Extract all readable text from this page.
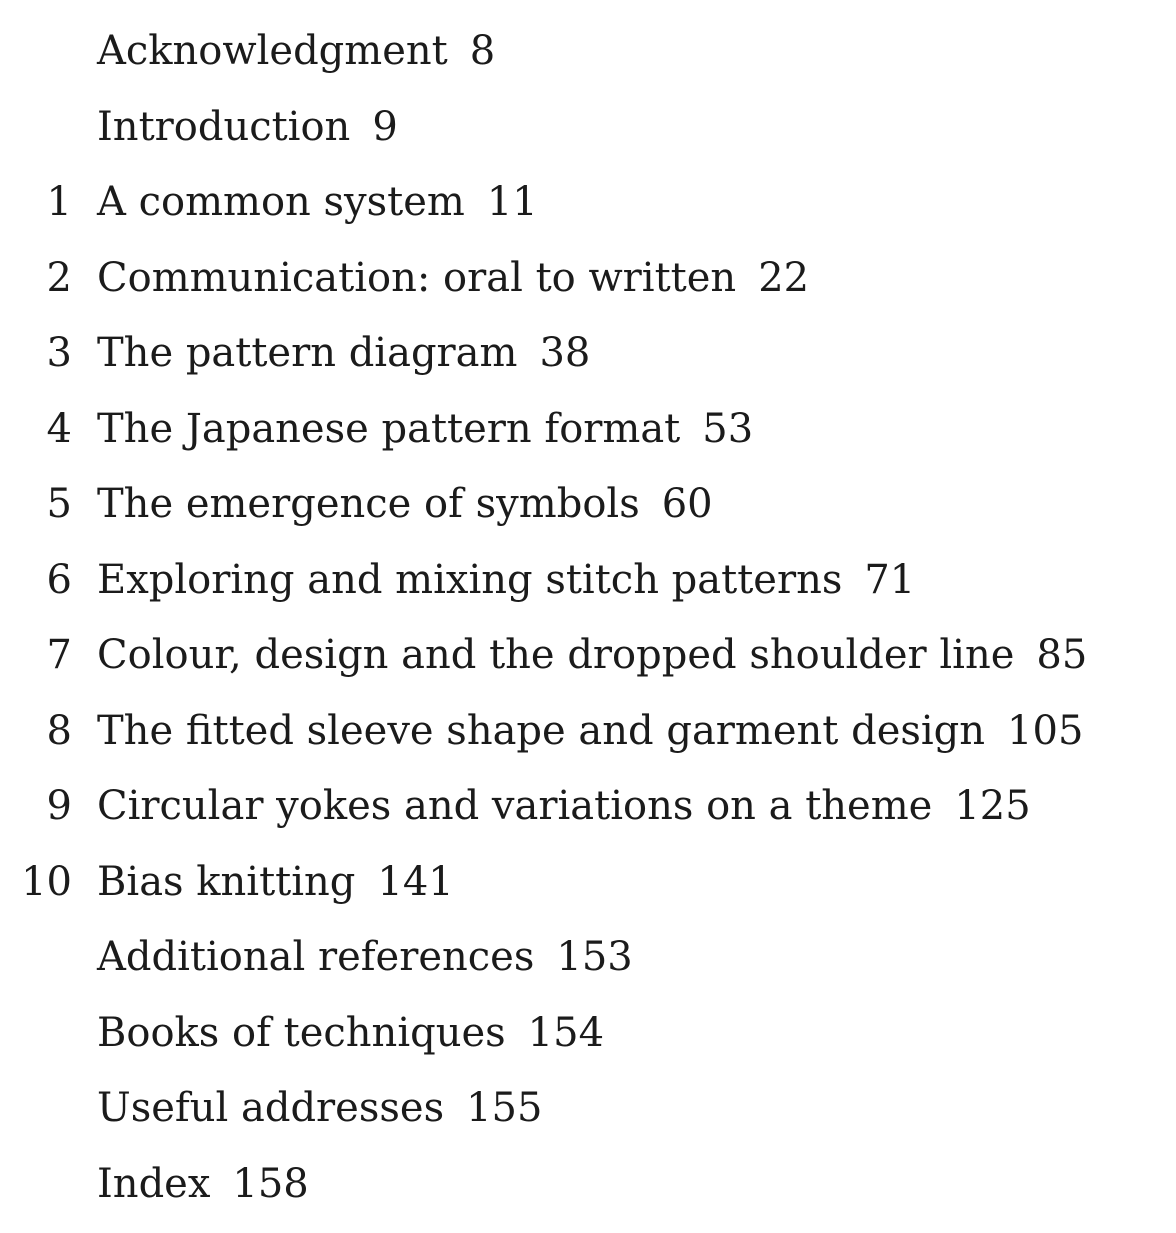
Acknowledgment 8
Introduction 9
1 A common system 11
2 Communication: oral to written 22
3 The pattern diagram 38
4 The Japanese pattern format 53
5 The emergence of symbols 60
6 Exploring and mixing stitch patterns 71
7 Colour, design and the dropped shoulder line 85
8 The fitted sleeve shape and garment design 105
9 Circular yokes and variations on a theme 125
10 Bias knitting 141
Additional references 153
Books of techniques 154
Useful addresses 155
Index 158
